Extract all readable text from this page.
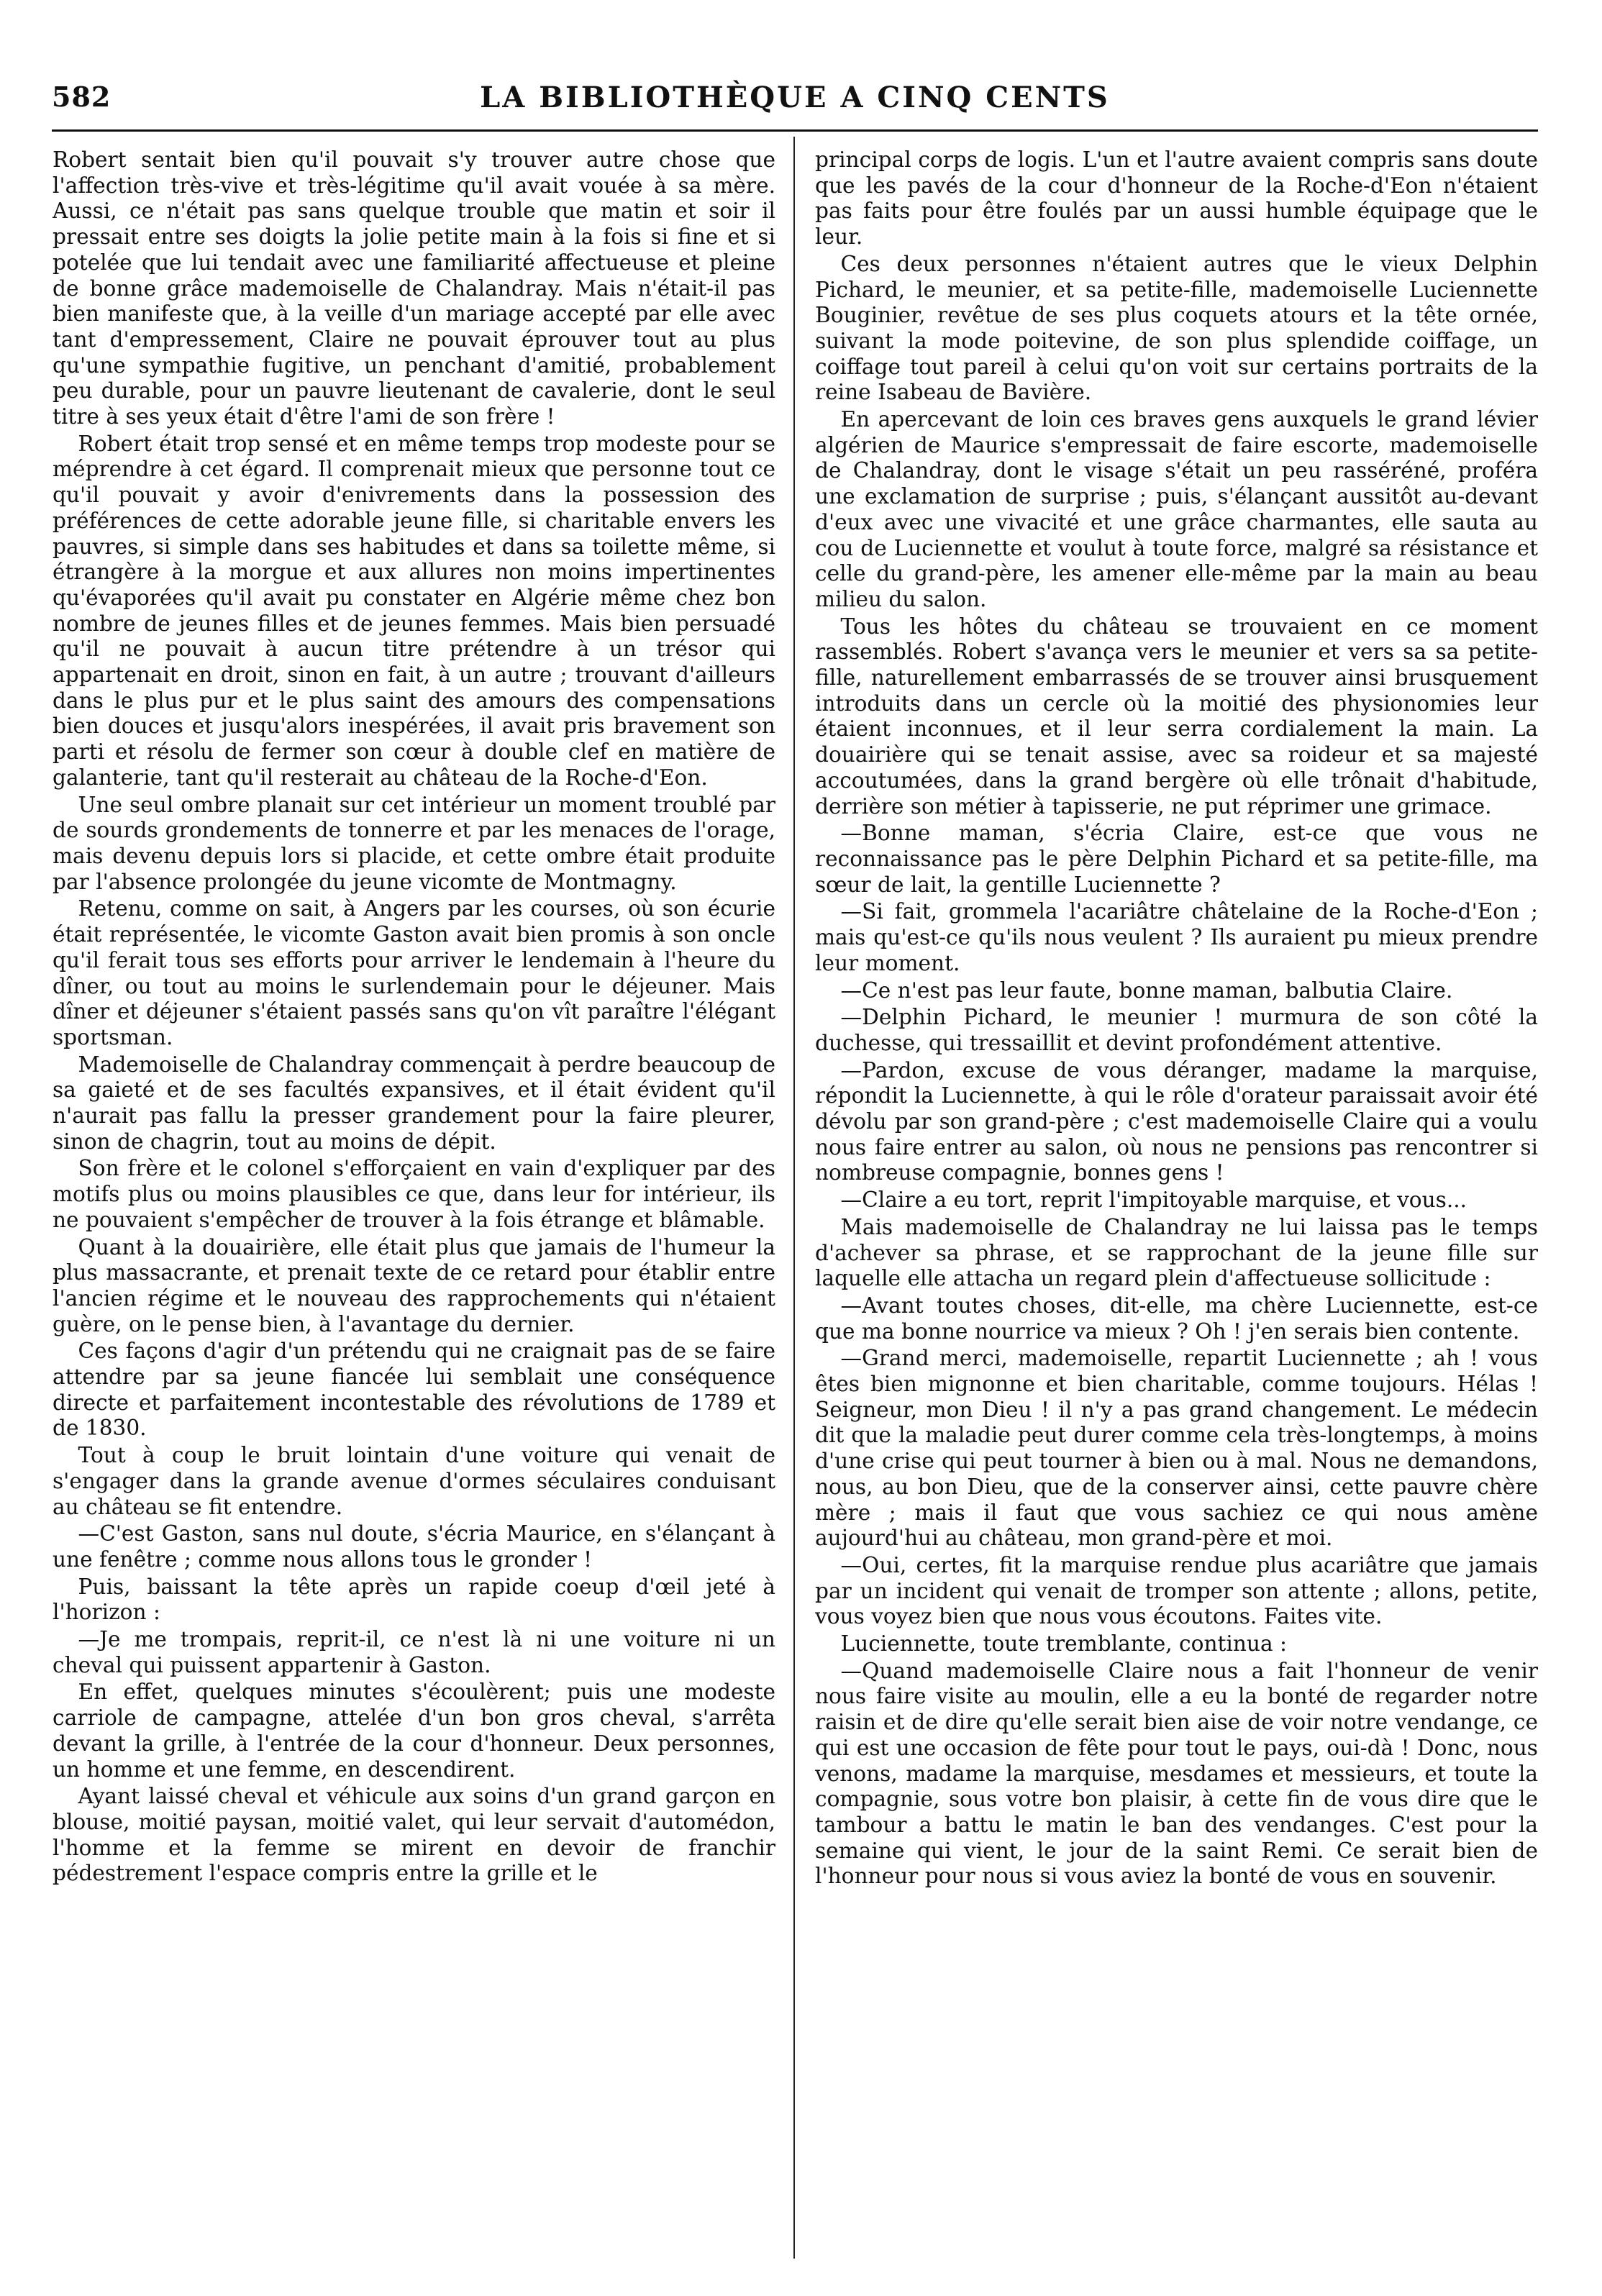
582	LA BIBLIOTHÈQUE A CINQ CENTS

Robert sentait bien qu'il pouvait s'y trouver autre chose que l'affection très-vive et très-légitime qu'il avait vouée à sa mère. Aussi, ce n'était pas sans quelque trouble que matin et soir il pressait entre ses doigts la jolie petite main à la fois si fine et si potelée que lui tendait avec une familiarité affectueuse et pleine de bonne grâce mademoiselle de Chalandray. Mais n'était-il pas bien manifeste que, à la veille d'un mariage accepté par elle avec tant d'empressement, Claire ne pouvait éprouver tout au plus qu'une sympathie fugitive, un penchant d'amitié, probablement peu durable, pour un pauvre lieutenant de cavalerie, dont le seul titre à ses yeux était d'être l'ami de son frère !

Robert était trop sensé et en même temps trop modeste pour se méprendre à cet égard. Il comprenait mieux que personne tout ce qu'il pouvait y avoir d'enivrements dans la possession des préférences de cette adorable jeune fille, si charitable envers les pauvres, si simple dans ses habitudes et dans sa toilette même, si étrangère à la morgue et aux allures non moins impertinentes qu'évaporées qu'il avait pu constater en Algérie même chez bon nombre de jeunes filles et de jeunes femmes. Mais bien persuadé qu'il ne pouvait à aucun titre prétendre à un trésor qui appartenait en droit, sinon en fait, à un autre ; trouvant d'ailleurs dans le plus pur et le plus saint des amours des compensations bien douces et jusqu'alors inespérées, il avait pris bravement son parti et résolu de fermer son cœur à double clef en matière de galanterie, tant qu'il resterait au château de la Roche-d'Eon.

Une seul ombre planait sur cet intérieur un moment troublé par de sourds grondements de tonnerre et par les menaces de l'orage, mais devenu depuis lors si placide, et cette ombre était produite par l'absence prolongée du jeune vicomte de Montmagny.

Retenu, comme on sait, à Angers par les courses, où son écurie était représentée, le vicomte Gaston avait bien promis à son oncle qu'il ferait tous ses efforts pour arriver le lendemain à l'heure du dîner, ou tout au moins le surlendemain pour le déjeuner. Mais dîner et déjeuner s'étaient passés sans qu'on vît paraître l'élégant sportsman.

Mademoiselle de Chalandray commençait à perdre beaucoup de sa gaieté et de ses facultés expansives, et il était évident qu'il n'aurait pas fallu la presser grandement pour la faire pleurer, sinon de chagrin, tout au moins de dépit.

Son frère et le colonel s'efforçaient en vain d'expliquer par des motifs plus ou moins plausibles ce que, dans leur for intérieur, ils ne pouvaient s'empêcher de trouver à la fois étrange et blâmable.

Quant à la douairière, elle était plus que jamais de l'humeur la plus massacrante, et prenait texte de ce retard pour établir entre l'ancien régime et le nouveau des rapprochements qui n'étaient guère, on le pense bien, à l'avantage du dernier.

Ces façons d'agir d'un prétendu qui ne craignait pas de se faire attendre par sa jeune fiancée lui semblait une conséquence directe et parfaitement incontestable des révolutions de 1789 et de 1830.

Tout à coup le bruit lointain d'une voiture qui venait de s'engager dans la grande avenue d'ormes séculaires conduisant au château se fit entendre.

—C'est Gaston, sans nul doute, s'écria Maurice, en s'élançant à une fenêtre ; comme nous allons tous le gronder !

Puis, baissant la tête après un rapide coeup d'œil jeté à l'horizon :

—Je me trompais, reprit-il, ce n'est là ni une voiture ni un cheval qui puissent appartenir à Gaston.

En effet, quelques minutes s'écoulèrent; puis une modeste carriole de campagne, attelée d'un bon gros cheval, s'arrêta devant la grille, à l'entrée de la cour d'honneur. Deux personnes, un homme et une femme, en descendirent.

Ayant laissé cheval et véhicule aux soins d'un grand garçon en blouse, moitié paysan, moitié valet, qui leur servait d'automédon, l'homme et la femme se mirent en devoir de franchir pédestrement l'espace compris entre la grille et le

principal corps de logis. L'un et l'autre avaient compris sans doute que les pavés de la cour d'honneur de la Roche-d'Eon n'étaient pas faits pour être foulés par un aussi humble équipage que le leur.

Ces deux personnes n'étaient autres que le vieux Delphin Pichard, le meunier, et sa petite-fille, mademoiselle Luciennette Bouginier, revêtue de ses plus coquets atours et la tête ornée, suivant la mode poitevine, de son plus splendide coiffage, un coiffage tout pareil à celui qu'on voit sur certains portraits de la reine Isabeau de Bavière.

En apercevant de loin ces braves gens auxquels le grand lévier algérien de Maurice s'empressait de faire escorte, mademoiselle de Chalandray, dont le visage s'était un peu rasséréné, proféra une exclamation de surprise ; puis, s'élançant aussitôt au-devant d'eux avec une vivacité et une grâce charmantes, elle sauta au cou de Luciennette et voulut à toute force, malgré sa résistance et celle du grand-père, les amener elle-même par la main au beau milieu du salon.

Tous les hôtes du château se trouvaient en ce moment rassemblés. Robert s'avança vers le meunier et vers sa sa petite-fille, naturellement embarrassés de se trouver ainsi brusquement introduits dans un cercle où la moitié des physionomies leur étaient inconnues, et il leur serra cordialement la main. La douairière qui se tenait assise, avec sa roideur et sa majesté accoutumées, dans la grand bergère où elle trônait d'habitude, derrière son métier à tapisserie, ne put réprimer une grimace.

—Bonne maman, s'écria Claire, est-ce que vous ne reconnaissance pas le père Delphin Pichard et sa petite-fille, ma sœur de lait, la gentille Luciennette ?

—Si fait, grommela l'acariâtre châtelaine de la Roche-d'Eon ; mais qu'est-ce qu'ils nous veulent ? Ils auraient pu mieux prendre leur moment.

—Ce n'est pas leur faute, bonne maman, balbutia Claire.

—Delphin Pichard, le meunier ! murmura de son côté la duchesse, qui tressaillit et devint profondément attentive.

—Pardon, excuse de vous déranger, madame la marquise, répondit la Luciennette, à qui le rôle d'orateur paraissait avoir été dévolu par son grand-père ; c'est mademoiselle Claire qui a voulu nous faire entrer au salon, où nous ne pensions pas rencontrer si nombreuse compagnie, bonnes gens !

—Claire a eu tort, reprit l'impitoyable marquise, et vous...

Mais mademoiselle de Chalandray ne lui laissa pas le temps d'achever sa phrase, et se rapprochant de la jeune fille sur laquelle elle attacha un regard plein d'affectueuse sollicitude :

—Avant toutes choses, dit-elle, ma chère Luciennette, est-ce que ma bonne nourrice va mieux ? Oh ! j'en serais bien contente.

—Grand merci, mademoiselle, repartit Luciennette ; ah ! vous êtes bien mignonne et bien charitable, comme toujours. Hélas ! Seigneur, mon Dieu ! il n'y a pas grand changement. Le médecin dit que la maladie peut durer comme cela très-longtemps, à moins d'une crise qui peut tourner à bien ou à mal. Nous ne demandons, nous, au bon Dieu, que de la conserver ainsi, cette pauvre chère mère ; mais il faut que vous sachiez ce qui nous amène aujourd'hui au château, mon grand-père et moi.

—Oui, certes, fit la marquise rendue plus acariâtre que jamais par un incident qui venait de tromper son attente ; allons, petite, vous voyez bien que nous vous écoutons. Faites vite.

Luciennette, toute tremblante, continua :

—Quand mademoiselle Claire nous a fait l'honneur de venir nous faire visite au moulin, elle a eu la bonté de regarder notre raisin et de dire qu'elle serait bien aise de voir notre vendange, ce qui est une occasion de fête pour tout le pays, oui-dà ! Donc, nous venons, madame la marquise, mesdames et messieurs, et toute la compagnie, sous votre bon plaisir, à cette fin de vous dire que le tambour a battu le matin le ban des vendanges. C'est pour la semaine qui vient, le jour de la saint Remi. Ce serait bien de l'honneur pour nous si vous aviez la bonté de vous en souvenir.
